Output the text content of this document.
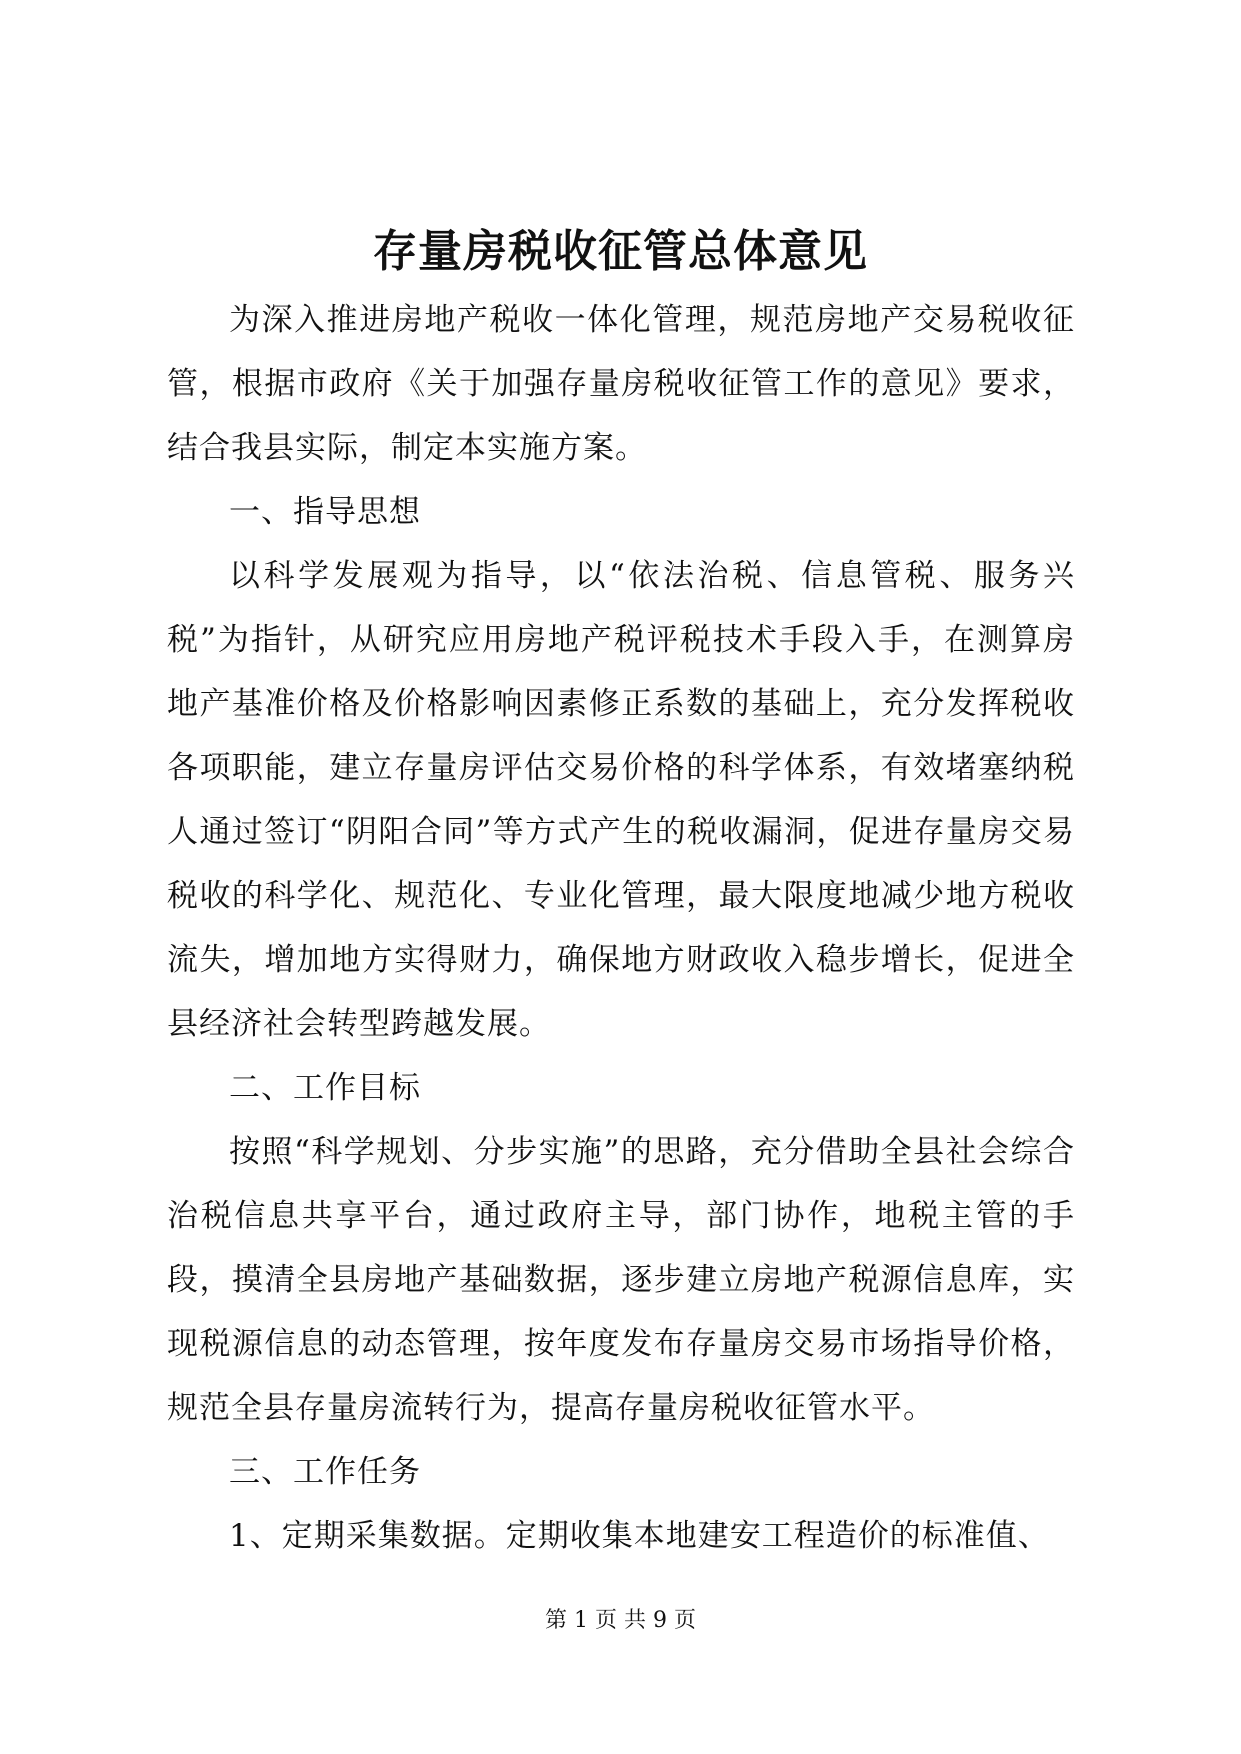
存量房税收征管总体意见

为深入推进房地产税收一体化管理，规范房地产交易税收征管，根据市政府《关于加强存量房税收征管工作的意见》要求，结合我县实际，制定本实施方案。

一、指导思想

以科学发展观为指导，以“依法治税、信息管税、服务兴税”为指针，从研究应用房地产税评税技术手段入手，在测算房地产基准价格及价格影响因素修正系数的基础上，充分发挥税收各项职能，建立存量房评估交易价格的科学体系，有效堵塞纳税人通过签订“阴阳合同”等方式产生的税收漏洞，促进存量房交易税收的科学化、规范化、专业化管理，最大限度地减少地方税收流失，增加地方实得财力，确保地方财政收入稳步增长，促进全县经济社会转型跨越发展。

二、工作目标

按照“科学规划、分步实施”的思路，充分借助全县社会综合治税信息共享平台，通过政府主导，部门协作，地税主管的手段，摸清全县房地产基础数据，逐步建立房地产税源信息库，实现税源信息的动态管理，按年度发布存量房交易市场指导价格，规范全县存量房流转行为，提高存量房税收征管水平。

三、工作任务

1、定期采集数据。定期收集本地建安工程造价的标准值、

第 1 页 共 9 页
